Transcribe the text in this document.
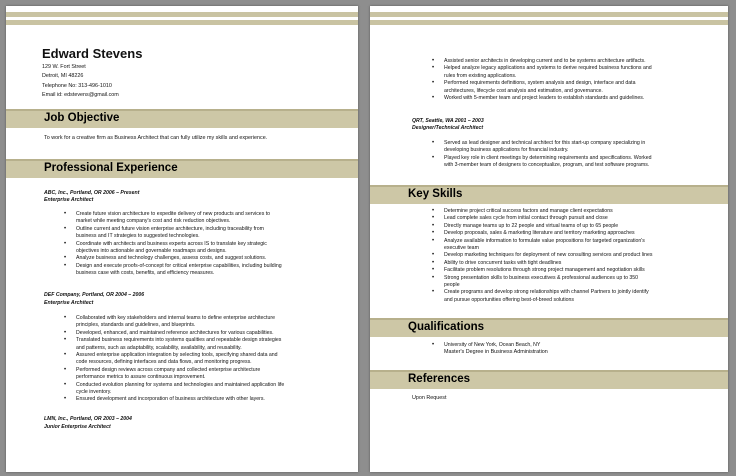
Edward Stevens
129 W. Fort Street
Detroit, MI 48226
Telephone No: 313-496-1010
Email id: edstevens@gmail.com
Job Objective
To work for a creative firm as Business Architect that can fully utilize my skills and experience.
Professional Experience
ABC, Inc., Portland, OR 2006 – Present
Enterprise Architect
• Create future vision architecture to expedite delivery of new products and services to
market while meeting company's cost and risk reduction objectives.
• Outline current and future vision enterprise architecture, including traceability from
business and IT strategies to suggested technologies.
• Coordinate with architects and business experts across IS to translate key strategic
objectives into actionable and governable roadmaps and designs.
• Analyze business and technology challenges, assess costs, and suggest solutions.
• Design and execute proofs-of-concept for critical enterprise capabilities, including building
business case with costs, benefits, and efficiency measures.
DEF Company, Portland, OR 2004 – 2006
Enterprise Architect
• Collaborated with key stakeholders and internal teams to define enterprise architecture
principles, standards and guidelines, and blueprints.
• Developed, enhanced, and maintained reference architectures for various capabilities.
• Translated business requirements into systems qualities and repeatable design strategies
and patterns, such as adaptability, scalability, availability, and reusability.
• Assured enterprise application integration by selecting tools, specifying shared data and
code resources, defining interfaces and data flows, and monitoring progress.
• Performed design reviews across company and collected enterprise architecture
performance metrics to assure continuous improvement.
• Conducted evolution planning for systems and technologies and maintained application life
cycle inventory.
• Ensured development and incorporation of business architecture with other layers.
LMN, Inc., Portland, OR 2003 – 2004
Junior Enterprise Architect
• Assisted senior architects in developing current and to be systems architecture artifacts.
• Helped analyze legacy applications and systems to derive required business functions and
rules from existing applications.
• Performed requirements definitions, system analysis and design, interface and data
architectures, lifecycle cost analysis and estimation, and governance.
• Worked with 5-member team and project leaders to establish standards and guidelines.
QRT, Seattle, WA 2001 – 2003
Designer/Technical Architect
• Served as lead designer and technical architect for this start-up company specializing in
developing business applications for financial industry.
• Played key role in client meetings by determining requirements and specifications. Worked
with 3-member team of designers to conceptualize, program, and test software programs.
Key Skills
• Determine project critical success factors and manage client expectations
• Lead complete sales cycle from initial contact through pursuit and close
• Directly manage teams up to 22 people and virtual teams of up to 65 people
• Develop proposals, sales & marketing literature and territory marketing approaches
• Analyze available information to formulate value propositions for targeted organization's
executive team
• Develop marketing techniques for deployment of new consulting services and product lines
• Ability to drive concurrent tasks with tight deadlines
• Facilitate problem resolutions through strong project management and negotiation skills
• Strong presentation skills to business executives & professional audiences up to 350
people
• Create programs and develop strong relationships with channel Partners to jointly identify
and pursue opportunities offering best-of-breed solutions
Qualifications
• University of New York, Ocean Beach, NY
Master's Degree in Business Administration
References
Upon Request
